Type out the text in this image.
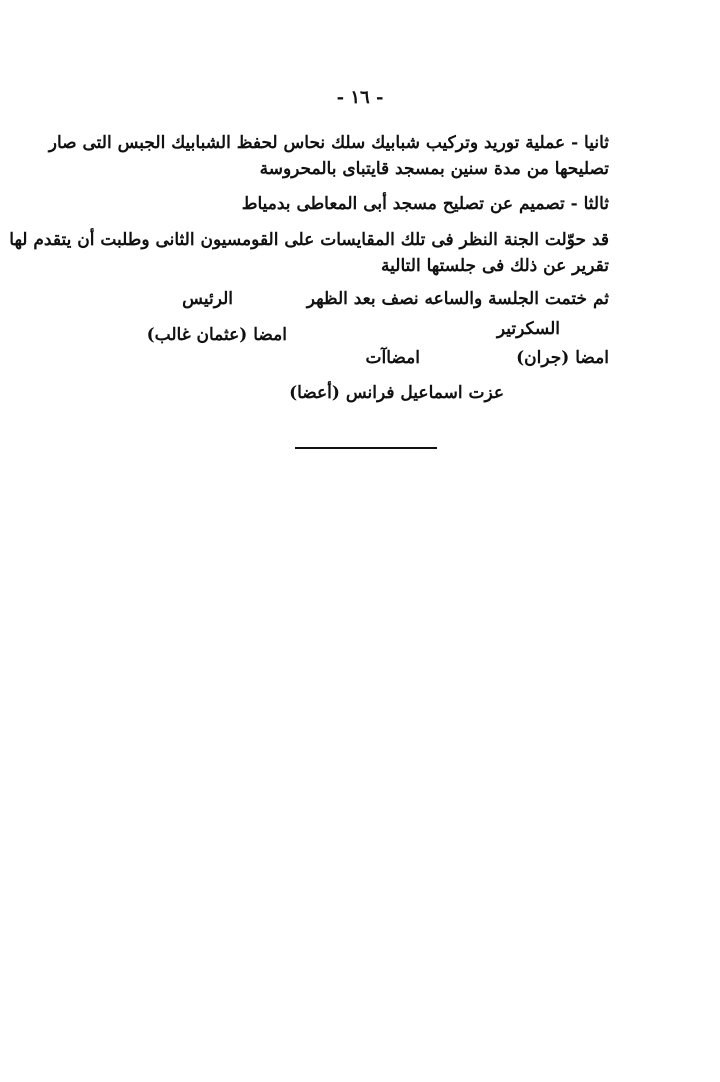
- ١٦ -
ثانيا - عملية توريد وتركيب شبابيك سلك نحاس لحفظ الشبابيك الجبس التى صار
تصليحها من مدة سنين بمسجد قايتباى بالمحروسة
ثالثا - تصميم عن تصليح مسجد أبى المعاطى بدمياط
قد حوّلت الجنة النظر فى تلك المقايسات على القومسيون الثانى وطلبت أن يتقدم لها
تقرير عن ذلك فى جلستها التالية
ثم ختمت الجلسة والساعه نصف بعد الظهر
الرئيس
السكرتير
امضا (عثمان غالب)
امضا (جران)
امضاآت
عزت اسماعيل فرانس (أعضا)
